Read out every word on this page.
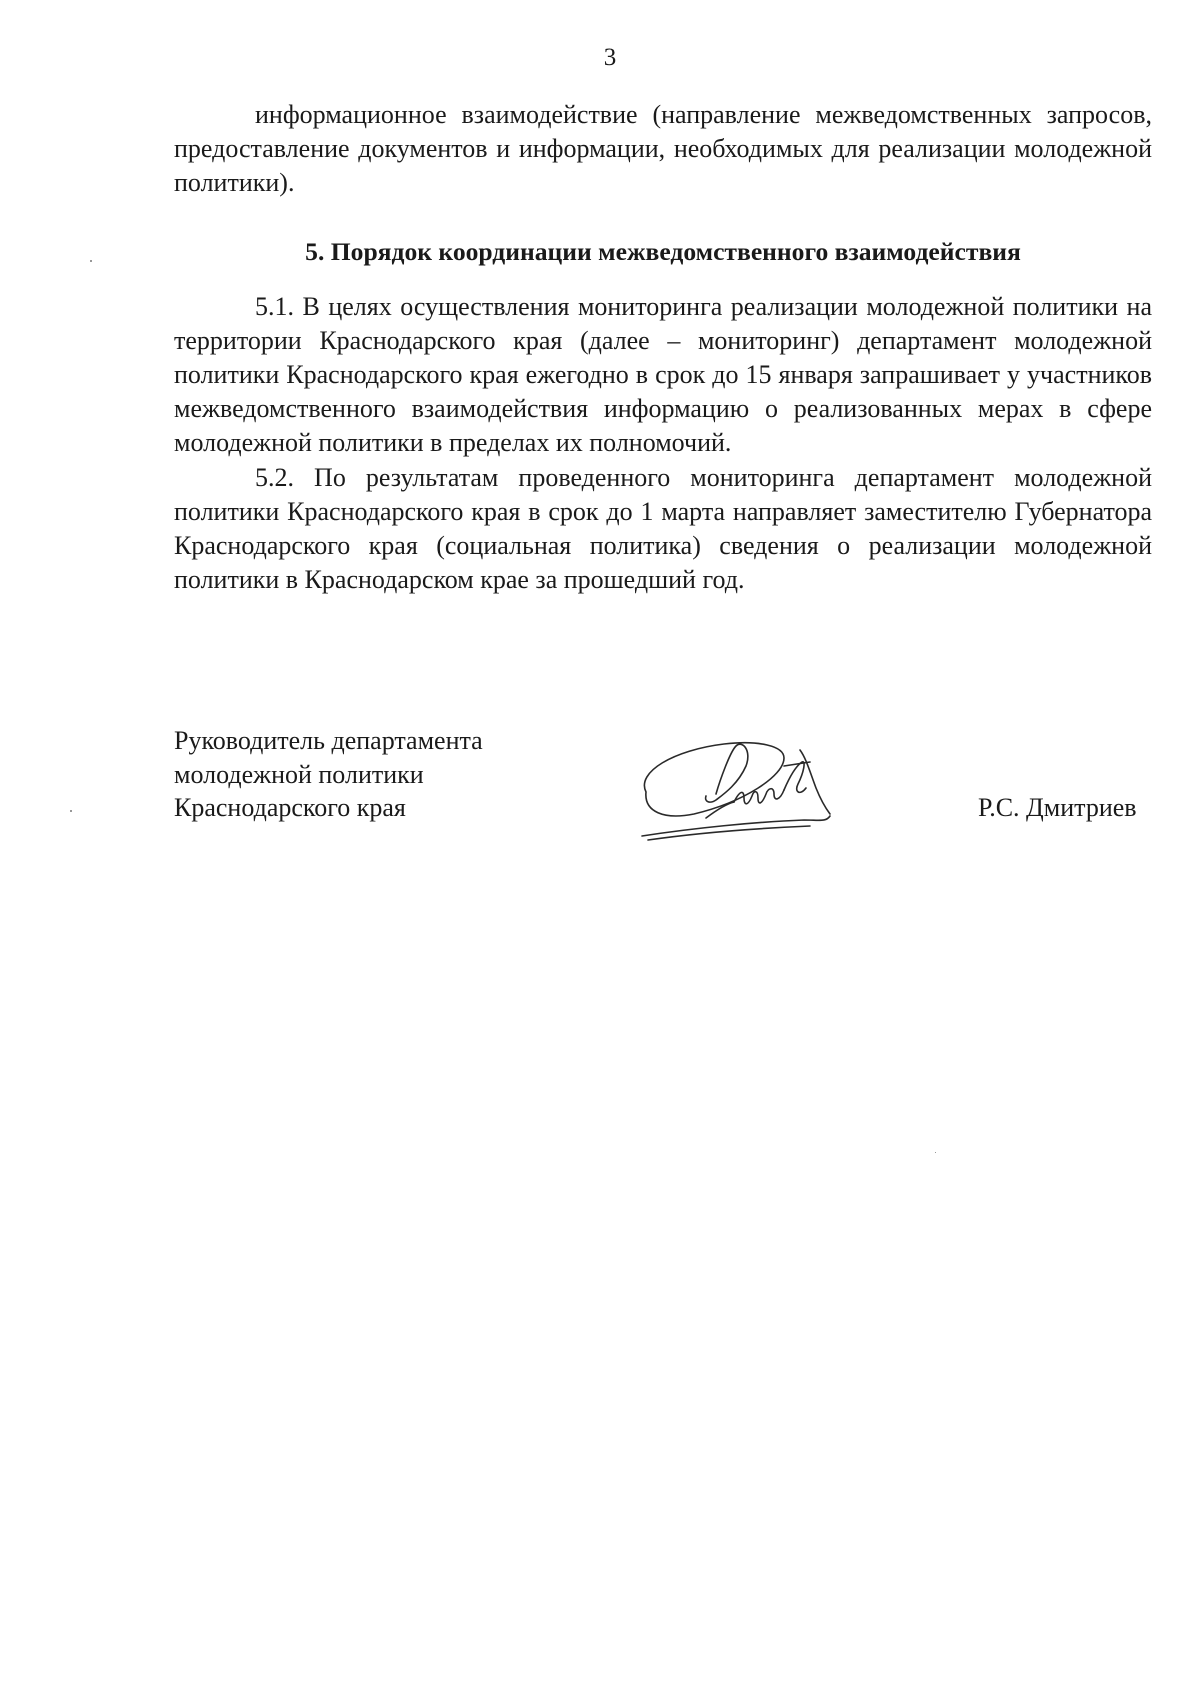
3

информационное взаимодействие (направление межведомственных запросов, предоставление документов и информации, необходимых для реализации молодежной политики).

5. Порядок координации межведомственного взаимодействия

5.1. В целях осуществления мониторинга реализации молодежной политики на территории Краснодарского края (далее – мониторинг) департамент молодежной политики Краснодарского края ежегодно в срок до 15 января запрашивает у участников межведомственного взаимодействия информацию о реализованных мерах в сфере молодежной политики в пределах их полномочий.

5.2. По результатам проведенного мониторинга департамент молодежной политики Краснодарского края в срок до 1 марта направляет заместителю Губернатора Краснодарского края (социальная политика) сведения о реализации молодежной политики в Краснодарском крае за прошедший год.

Руководитель департамента
молодежной политики
Краснодарского края	Р.С. Дмитриев
